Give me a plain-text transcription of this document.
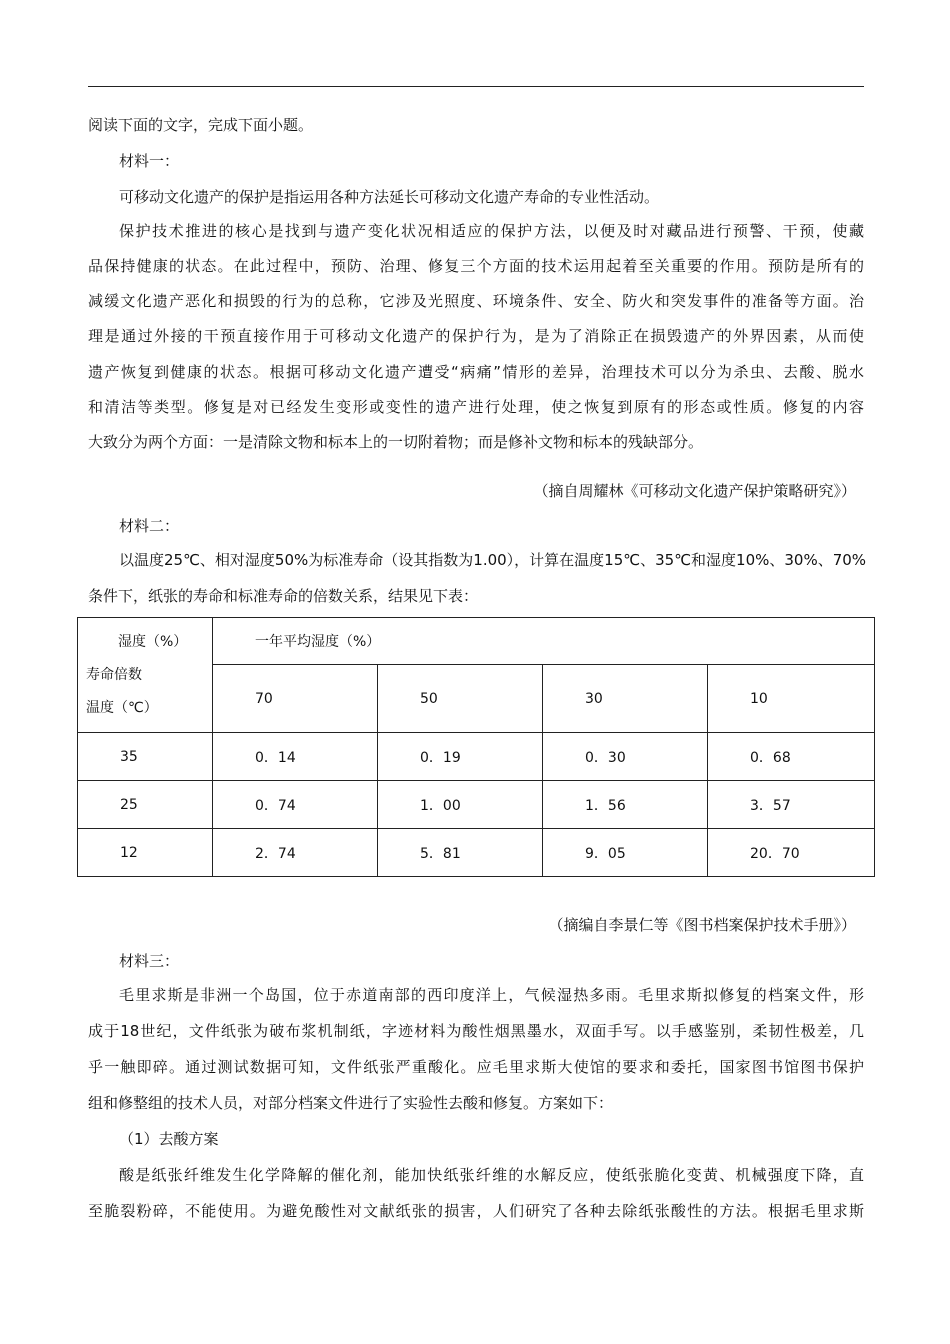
阅读下面的文字，完成下面小题。
材料一：
可移动文化遗产的保护是指运用各种方法延长可移动文化遗产寿命的专业性活动。
保护技术推进的核心是找到与遗产变化状况相适应的保护方法，以便及时对藏品进行预警、干预，使藏
品保持健康的状态。在此过程中，预防、治理、修复三个方面的技术运用起着至关重要的作用。预防是所有的
减缓文化遗产恶化和损毁的行为的总称，它涉及光照度、环境条件、安全、防火和突发事件的准备等方面。治
理是通过外接的干预直接作用于可移动文化遗产的保护行为，是为了消除正在损毁遗产的外界因素，从而使
遗产恢复到健康的状态。根据可移动文化遗产遭受“病痛”情形的差异，治理技术可以分为杀虫、去酸、脱水
和清洁等类型。修复是对已经发生变形或变性的遗产进行处理，使之恢复到原有的形态或性质。修复的内容
大致分为两个方面：一是清除文物和标本上的一切附着物；而是修补文物和标本的残缺部分。
（摘自周耀林《可移动文化遗产保护策略研究》）
材料二：
以温度25℃、相对湿度50%为标准寿命（设其指数为1.00），计算在温度15℃、35℃和湿度10%、30%、70%
条件下，纸张的寿命和标准寿命的倍数关系，结果见下表：
湿度（%）
寿命倍数
温度（℃）	一年平均湿度（%）			
	70	50	30	10
35	0．14	0．19	0．30	0．68
25	0．74	1．00	1．56	3．57
12	2．74	5．81	9．05	20．70
（摘编自李景仁等《图书档案保护技术手册》）
材料三：
毛里求斯是非洲一个岛国，位于赤道南部的西印度洋上，气候湿热多雨。毛里求斯拟修复的档案文件，形
成于18世纪，文件纸张为破布浆机制纸，字迹材料为酸性烟黑墨水，双面手写。以手感鉴别，柔韧性极差，几
乎一触即碎。通过测试数据可知，文件纸张严重酸化。应毛里求斯大使馆的要求和委托，国家图书馆图书保护
组和修整组的技术人员，对部分档案文件进行了实验性去酸和修复。方案如下：
（1）去酸方案
酸是纸张纤维发生化学降解的催化剂，能加快纸张纤维的水解反应，使纸张脆化变黄、机械强度下降，直
至脆裂粉碎，不能使用。为避免酸性对文献纸张的损害，人们研究了各种去除纸张酸性的方法。根据毛里求斯
